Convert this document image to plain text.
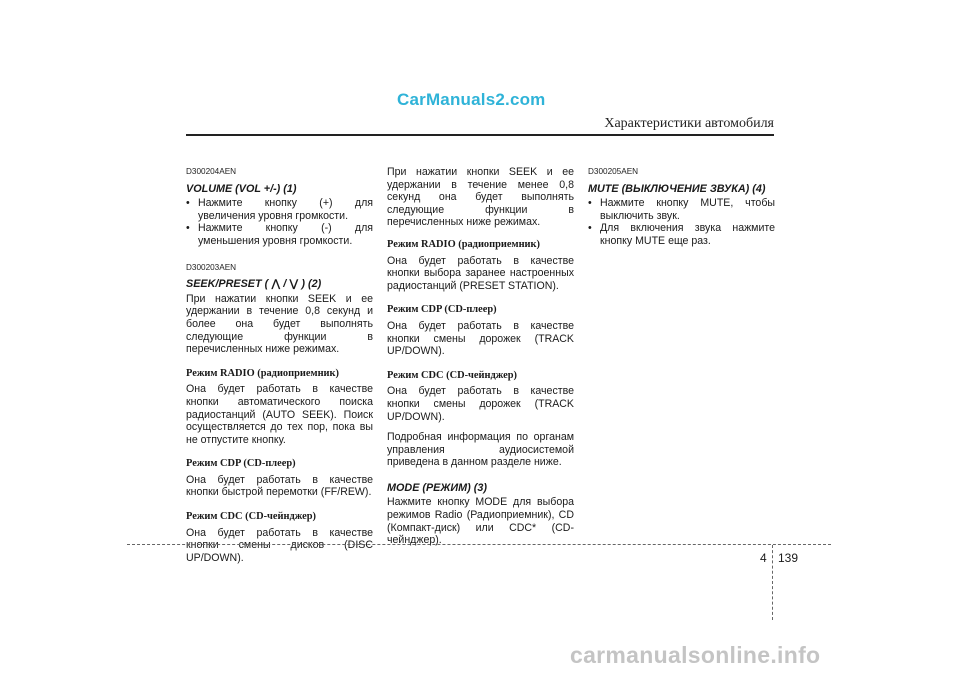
CarManuals2.com
Характеристики автомобиля
D300204AEN
VOLUME (VOL +/-) (1)
• Нажмите кнопку (+) для увеличения уровня громкости.
• Нажмите кнопку (-) для уменьшения уровня громкости.
D300203AEN
SEEK/PRESET ( ⋀ / ⋁ ) (2)

При нажатии кнопки SEEK и ее удержании в течение 0,8 секунд и более она будет выполнять следующие функции в перечисленных ниже режимах.

Режим RADIO (радиоприемник)

Она будет работать в качестве кнопки автоматического поиска радиостанций (AUTO SEEK). Поиск осуществляется до тех пор, пока вы не отпустите кнопку.

Режим CDP (CD-плеер)

Она будет работать в качестве кнопки быстрой перемотки (FF/REW).

Режим CDC (CD-чейнджер)

Она будет работать в качестве кнопки смены дисков (DISC UP/DOWN).

При нажатии кнопки SEEK и ее удержании в течение менее 0,8 секунд она будет выполнять следующие функции в перечисленных ниже режимах.

Режим RADIO (радиоприемник)

Она будет работать в качестве кнопки выбора заранее настроенных радиостанций (PRESET STATION).

Режим CDP (CD-плеер)

Она будет работать в качестве кнопки смены дорожек (TRACK UP/DOWN).

Режим CDC (CD-чейнджер)

Она будет работать в качестве кнопки смены дорожек (TRACK UP/DOWN).

Подробная информация по органам управления аудиосистемой приведена в данном разделе ниже.

MODE (РЕЖИМ) (3)

Нажмите кнопку MODE для выбора режимов Radio (Радиоприемник), CD (Компакт-диск) или CDC* (CD-чейнджер).

D300205AEN
MUTE (ВЫКЛЮЧЕНИЕ ЗВУКА) (4)
• Нажмите кнопку MUTE, чтобы выключить звук.
• Для включения звука нажмите кнопку MUTE еще раз.
4 139
carmanualsonline.info
